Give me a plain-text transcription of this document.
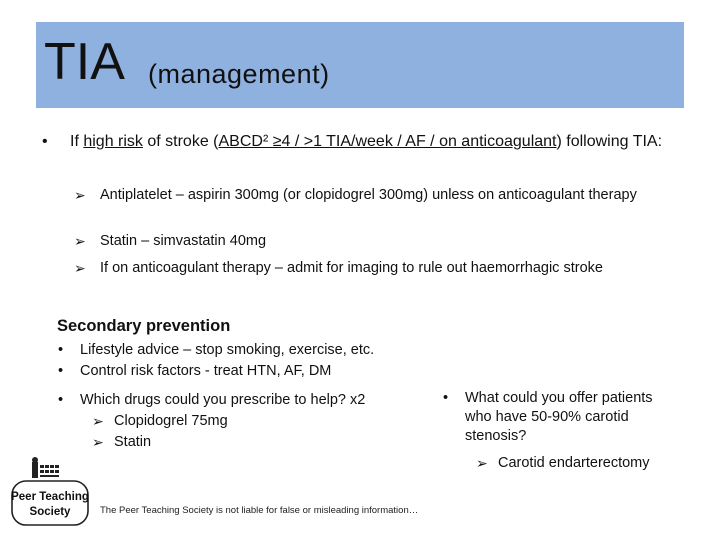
TIA (management)
• If high risk of stroke (ABCD² ≥4 / >1 TIA/week / AF / on anticoagulant) following TIA:
➢ Antiplatelet – aspirin 300mg (or clopidogrel 300mg) unless on anticoagulant therapy
➢ Statin – simvastatin 40mg
➢ If on anticoagulant therapy – admit for imaging to rule out haemorrhagic stroke
Secondary prevention
• Lifestyle advice – stop smoking, exercise, etc.
• Control risk factors - treat HTN, AF, DM
• Which drugs could you prescribe to help? x2
➢ Clopidogrel 75mg
➢ Statin
• What could you offer patients who have 50-90% carotid stenosis?
➢ Carotid endarterectomy
Peer Teaching
Society	The Peer Teaching Society is not liable for false or misleading information…
